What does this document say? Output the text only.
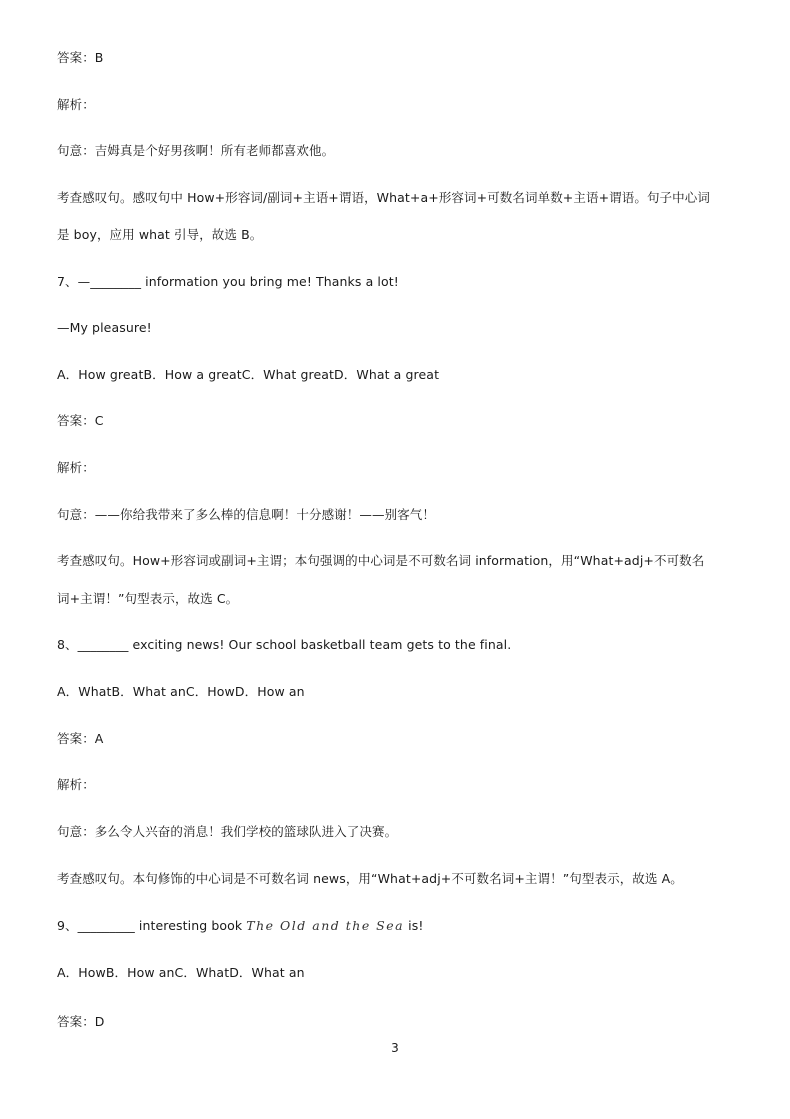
答案：B
解析：
句意：吉姆真是个好男孩啊！所有老师都喜欢他。
考查感叹句。感叹句中 How+形容词/副词+主语+谓语，What+a+形容词+可数名词单数+主语+谓语。句子中心词
是 boy，应用 what 引导，故选 B。
7、—________ information you bring me! Thanks a lot!
—My pleasure!
A．How greatB．How a greatC．What greatD．What a great
答案：C
解析：
句意：——你给我带来了多么棒的信息啊！十分感谢！——别客气！
考查感叹句。How+形容词或副词+主谓；本句强调的中心词是不可数名词 information，用“What+adj+不可数名
词+主谓！”句型表示，故选 C。
8、________ exciting news! Our school basketball team gets to the final.
A．WhatB．What anC．HowD．How an
答案：A
解析：
句意：多么令人兴奋的消息！我们学校的篮球队进入了决赛。
考查感叹句。本句修饰的中心词是不可数名词 news，用“What+adj+不可数名词+主谓！”句型表示，故选 A。
9、_________ interesting book The Old and the Sea is!
A．HowB．How anC．WhatD．What an
答案：D
3
